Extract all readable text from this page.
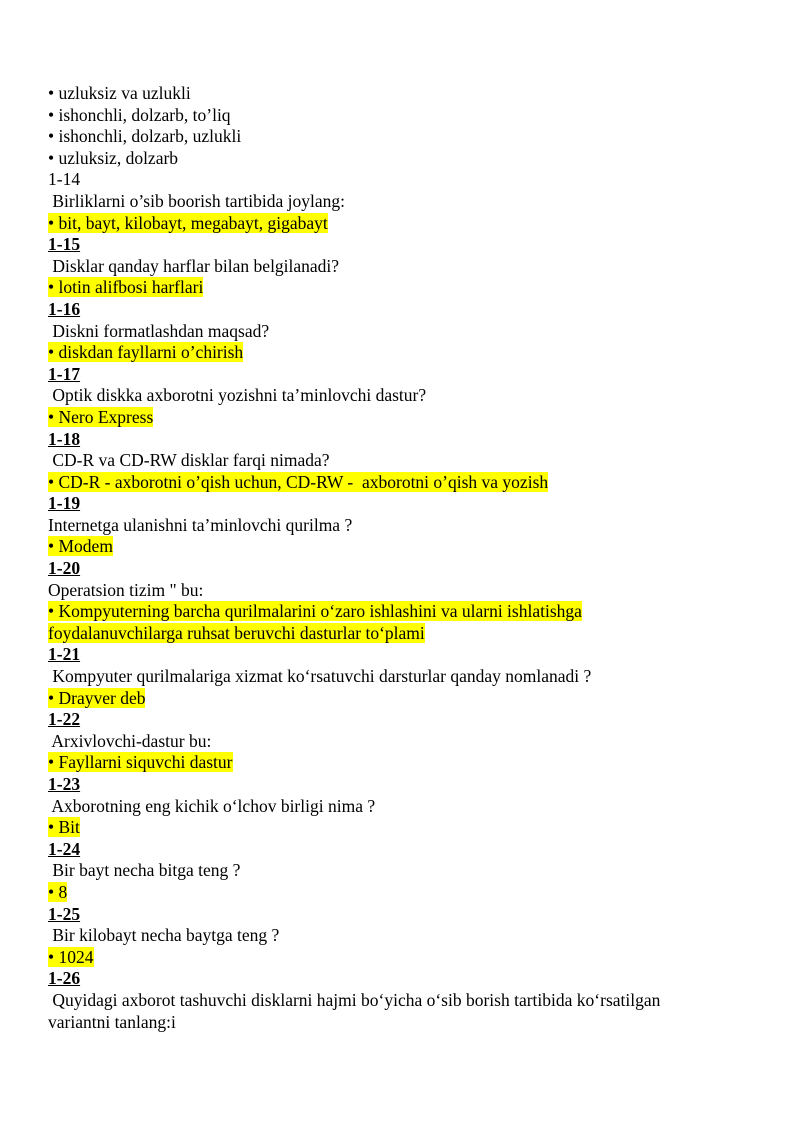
• uzluksiz va uzlukli
• ishonchli, dolzarb, to’liq
• ishonchli, dolzarb, uzlukli
• uzluksiz, dolzarb
1-14
Birliklarni o’sib boorish tartibida joylang:
• bit, bayt, kilobayt, megabayt, gigabayt
1-15
Disklar qanday harflar bilan belgilanadi?
• lotin alifbosi harflari
1-16
Diskni formatlashdan maqsad?
• diskdan fayllarni o’chirish
1-17
Optik diskka axborotni yozishni ta’minlovchi dastur?
• Nero Express
1-18
CD-R va CD-RW disklar farqi nimada?
• CD-R - axborotni o’qish uchun, CD-RW -  axborotni o’qish va yozish
1-19
Internetga ulanishni ta’minlovchi qurilma ?
• Modem
1-20
Operatsion tizim " bu:
• Kompyuterning barcha qurilmalarini o‘zaro ishlashini va ularni ishlatishga
foydalanuvchilarga ruhsat beruvchi dasturlar to‘plami
1-21
Kompyuter qurilmalariga xizmat ko‘rsatuvchi darsturlar qanday nomlanadi ?
• Drayver deb
1-22
Arxivlovchi-dastur bu:
• Fayllarni siquvchi dastur
1-23
Axborotning eng kichik o‘lchov birligi nima ?
• Bit
1-24
Bir bayt necha bitga teng ?
• 8
1-25
Bir kilobayt necha baytga teng ?
• 1024
1-26
Quyidagi axborot tashuvchi disklarni hajmi bo‘yicha o‘sib borish tartibida ko‘rsatilgan
variantni tanlang:i
